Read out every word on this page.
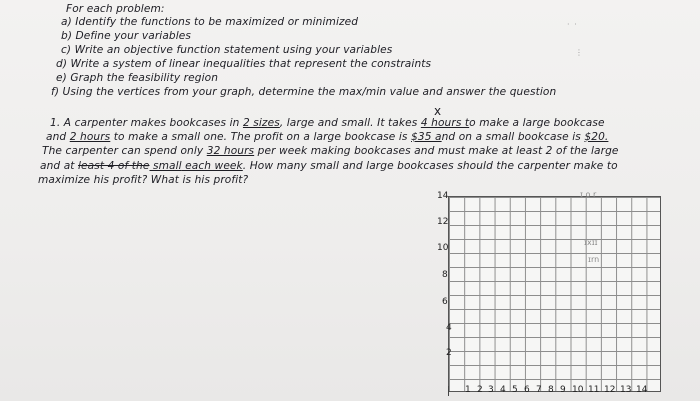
For each problem:
a) Identify the functions to be maximized or minimized
b) Define your variables
c) Write an objective function statement using your variables
d) Write a system of linear inequalities that represent the constraints
e) Graph the feasibility region
f) Using the vertices from your graph, determine the max/min value and answer the question
x
1. A carpenter makes bookcases in 2 sizes, large and small. It takes 4 hours to make a large bookcase
and 2 hours to make a small one. The profit on a large bookcase is $35 and on a small bookcase is $20.
The carpenter can spend only 32 hours per week making bookcases and must make at least 2 of the large
and at least 4 of the small each week. How many small and large bookcases should the carpenter make to
maximize his profit? What is his profit?
· ·
⋮
14
12
10
8
6
4
2
1 2 3 4 5 6 7 8 9 10 11 12 13 14
ɪ o r
ɪxɪɪ
ɪrn
